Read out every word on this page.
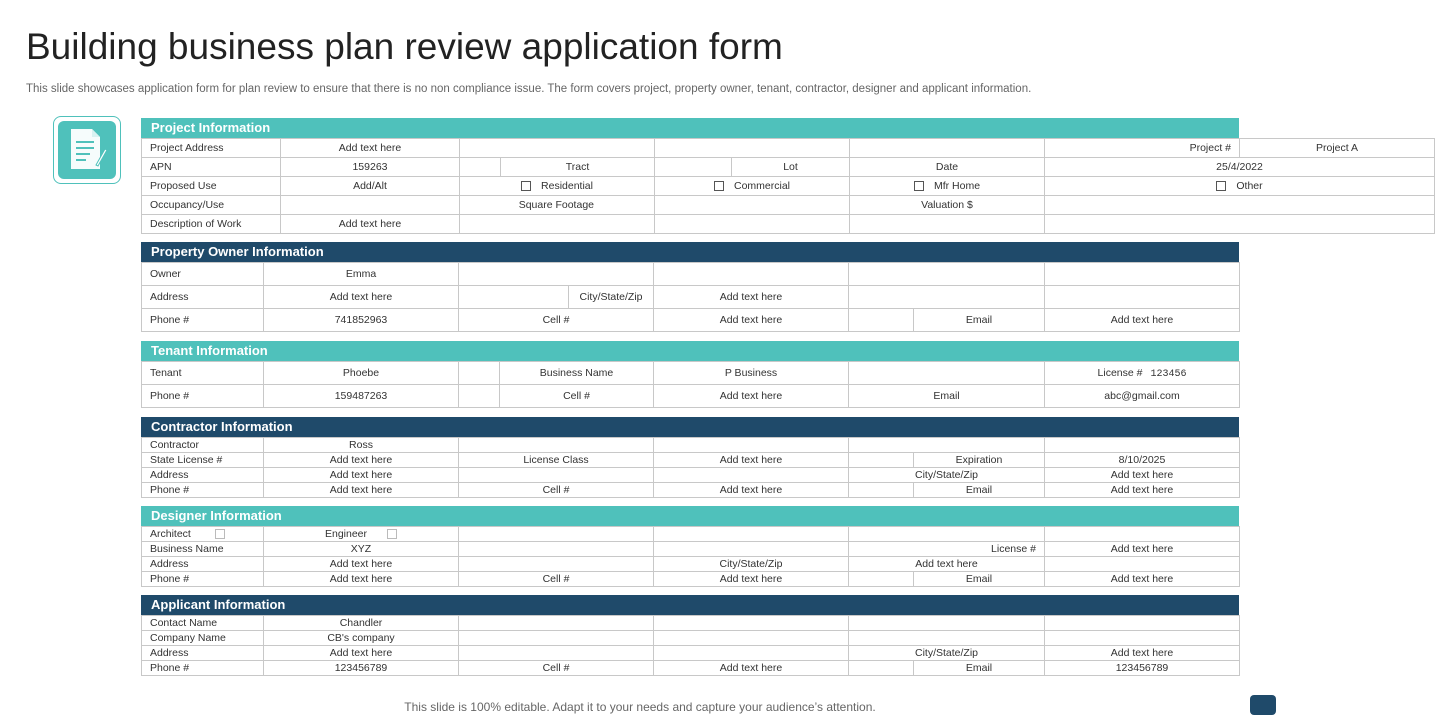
Building business plan review application form
This slide showcases application form for plan review to ensure that there is no non compliance issue. The form covers project, property owner, tenant, contractor, designer and applicant information.
Project Information
Project Address	Add text here						Project #	Project A
APN	159263		Tract		Lot	Date	25/4/2022	
Proposed Use	Add/Alt	Residential		Commercial		Mfr Home	Other	
Occupancy/Use		Square Footage				Valuation $		
Description of Work	Add text here							
Property Owner Information
Owner	Emma						
Address	Add text here		City/State/Zip	Add text here			
Phone #	741852963	Cell #		Add text here		Email	Add text here
Tenant Information
Tenant	Phoebe		Business Name	P Business		License # 123456
Phone #	159487263		Cell #	Add text here	Email	abc@gmail.com
Contractor Information
Contractor	Ross					
State License #	Add text here	License Class	Add text here		Expiration	8/10/2025
Address	Add text here			City/State/Zip		Add text here
Phone #	Add text here	Cell #	Add text here		Email	Add text here
Designer Information
Architect	Engineer					
Business Name	XYZ			License #		Add text here
Address	Add text here		City/State/Zip	Add text here		
Phone #	Add text here	Cell #	Add text here		Email	Add text here
Applicant Information
Contact Name	Chandler					
Company Name	CB's company					
Address	Add text here			City/State/Zip		Add text here
Phone #	123456789	Cell #	Add text here		Email	123456789
This slide is 100% editable. Adapt it to your needs and capture your audience’s attention.
